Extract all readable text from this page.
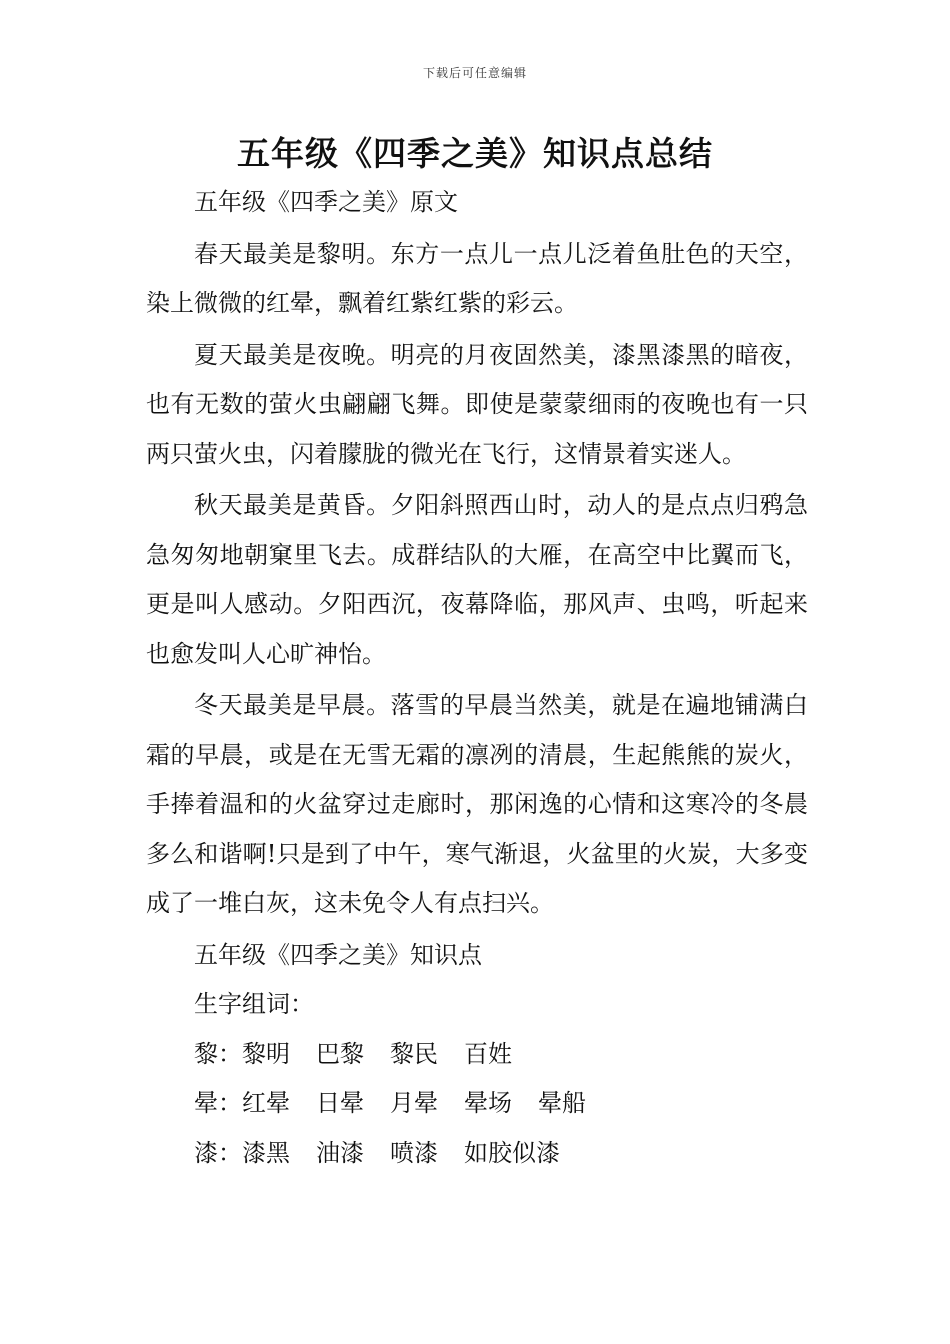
下载后可任意编辑
五年级《四季之美》知识点总结

五年级《四季之美》原文

春天最美是黎明。东方一点儿一点儿泛着鱼肚色的天空，染上微微的红晕，飘着红紫红紫的彩云。

夏天最美是夜晚。明亮的月夜固然美，漆黑漆黑的暗夜，也有无数的萤火虫翩翩飞舞。即使是蒙蒙细雨的夜晚也有一只两只萤火虫，闪着朦胧的微光在飞行，这情景着实迷人。

秋天最美是黄昏。夕阳斜照西山时，动人的是点点归鸦急急匆匆地朝窠里飞去。成群结队的大雁，在高空中比翼而飞，更是叫人感动。夕阳西沉，夜幕降临，那风声、虫鸣，听起来也愈发叫人心旷神怡。

冬天最美是早晨。落雪的早晨当然美，就是在遍地铺满白霜的早晨，或是在无雪无霜的凛冽的清晨，生起熊熊的炭火，手捧着温和的火盆穿过走廊时，那闲逸的心情和这寒冷的冬晨多么和谐啊!只是到了中午，寒气渐退，火盆里的火炭，大多变成了一堆白灰，这未免令人有点扫兴。

五年级《四季之美》知识点

生字组词：

黎：黎明 巴黎 黎民 百姓
晕：红晕 日晕 月晕 晕场 晕船
漆：漆黑 油漆 喷漆 如胶似漆
